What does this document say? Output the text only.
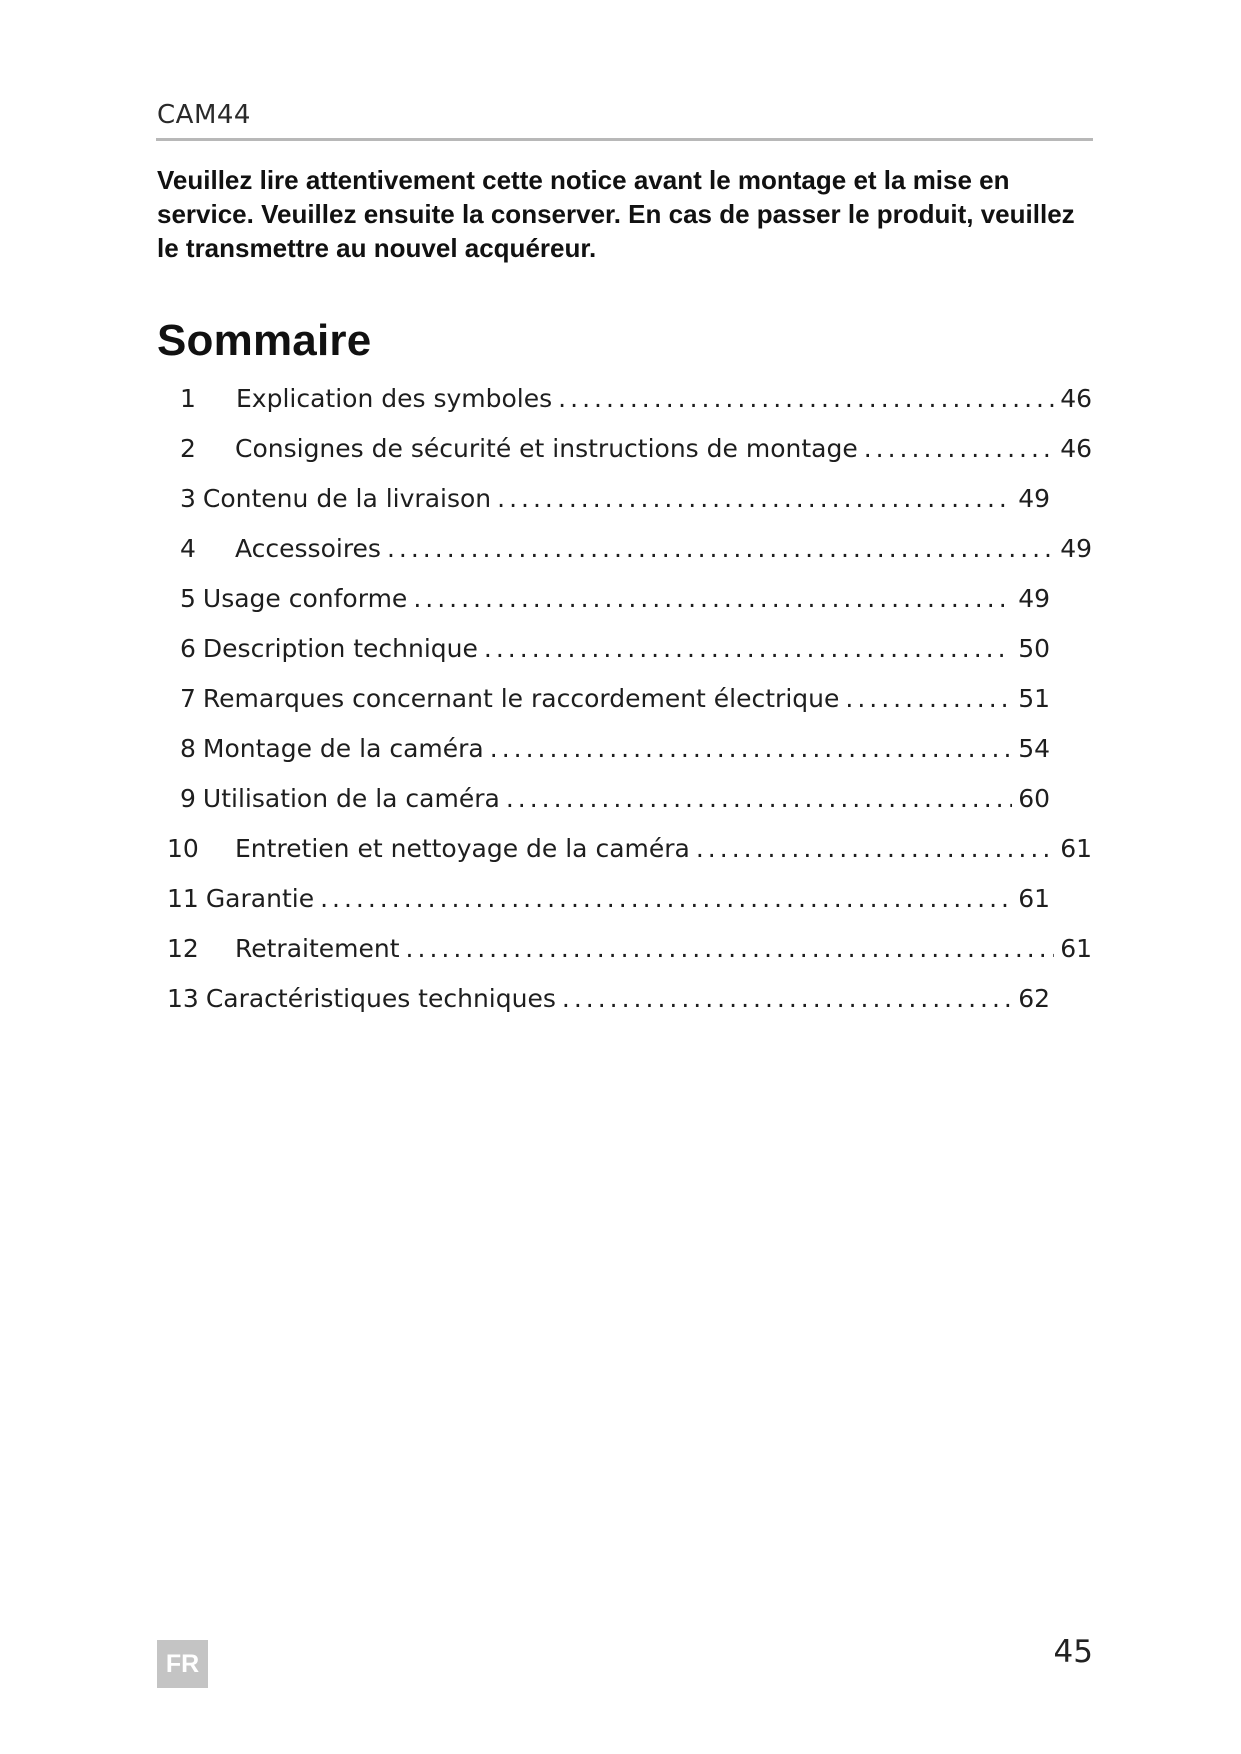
CAM44
Veuillez lire attentivement cette notice avant le montage et la mise en
service. Veuillez ensuite la conserver. En cas de passer le produit, veuillez
le transmettre au nouvel acquéreur.
Sommaire
1	Explication des symboles .....	46
2	Consignes de sécurité et instructions de montage .....	46
3 Contenu de la livraison .....	49
4	Accessoires .....	49
5 Usage conforme .....	49
6 Description technique .....	50
7 Remarques concernant le raccordement électrique .....	51
8 Montage de la caméra .....	54
9 Utilisation de la caméra .....	60
10	Entretien et nettoyage de la caméra .....	61
11 Garantie .....	61
12	Retraitement .....	61
13 Caractéristiques techniques .....	62
FR	45
